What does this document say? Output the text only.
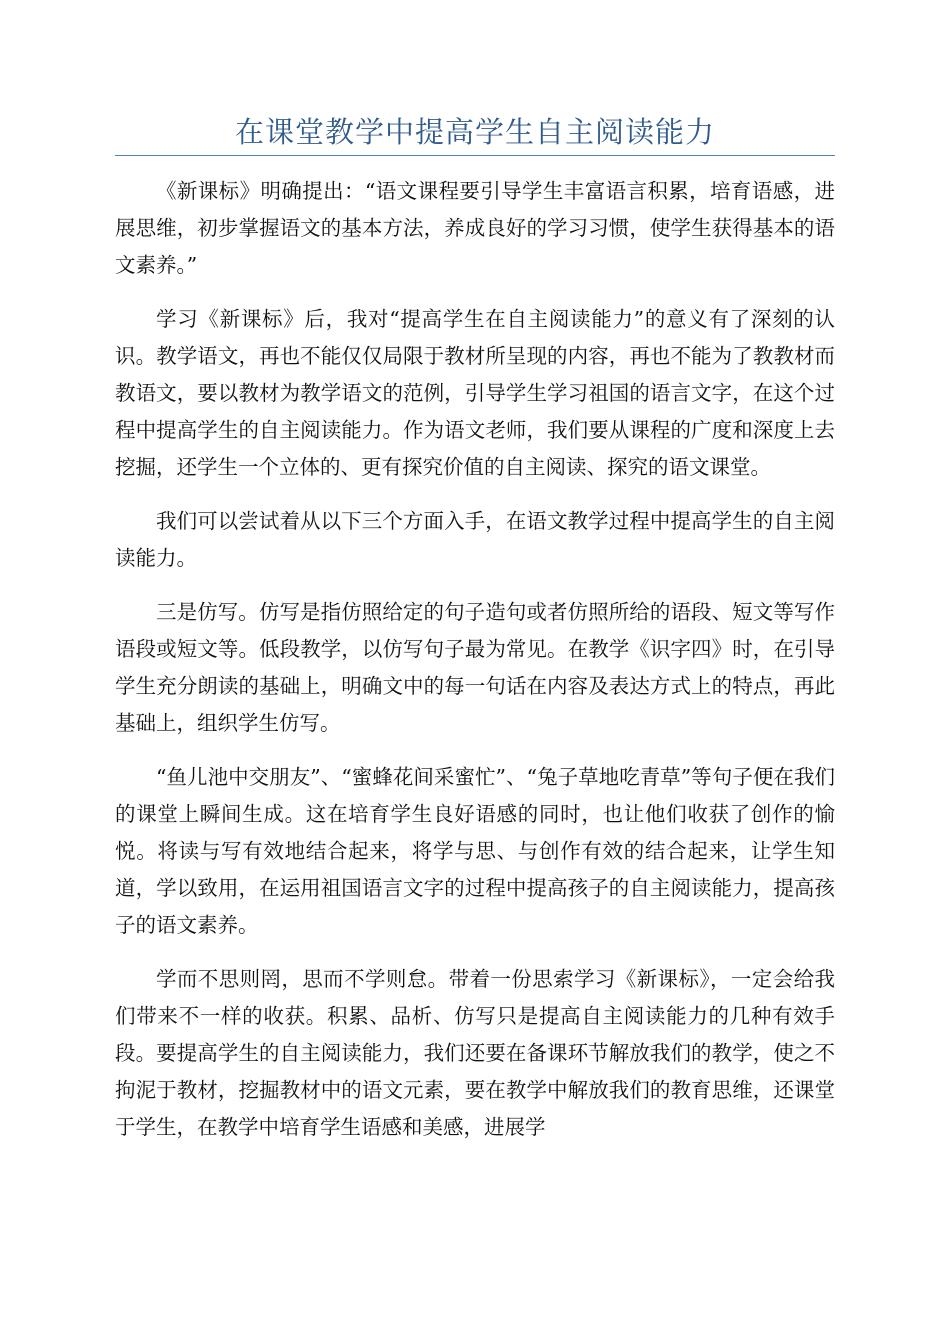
在课堂教学中提高学生自主阅读能力

《新课标》明确提出：“语文课程要引导学生丰富语言积累，培育语感，进展思维，初步掌握语文的基本方法，养成良好的学习习惯，使学生获得基本的语文素养。”

学习《新课标》后，我对“提高学生在自主阅读能力”的意义有了深刻的认识。教学语文，再也不能仅仅局限于教材所呈现的内容，再也不能为了教教材而教语文，要以教材为教学语文的范例，引导学生学习祖国的语言文字，在这个过程中提高学生的自主阅读能力。作为语文老师，我们要从课程的广度和深度上去挖掘，还学生一个立体的、更有探究价值的自主阅读、探究的语文课堂。

我们可以尝试着从以下三个方面入手，在语文教学过程中提高学生的自主阅读能力。

三是仿写。仿写是指仿照给定的句子造句或者仿照所给的语段、短文等写作语段或短文等。低段教学，以仿写句子最为常见。在教学《识字四》时，在引导学生充分朗读的基础上，明确文中的每一句话在内容及表达方式上的特点，再此基础上，组织学生仿写。

“鱼儿池中交朋友”、“蜜蜂花间采蜜忙”、“兔子草地吃青草”等句子便在我们的课堂上瞬间生成。这在培育学生良好语感的同时，也让他们收获了创作的愉悦。将读与写有效地结合起来，将学与思、与创作有效的结合起来，让学生知道，学以致用，在运用祖国语言文字的过程中提高孩子的自主阅读能力，提高孩子的语文素养。

学而不思则罔，思而不学则怠。带着一份思索学习《新课标》，一定会给我们带来不一样的收获。积累、品析、仿写只是提高自主阅读能力的几种有效手段。要提高学生的自主阅读能力，我们还要在备课环节解放我们的教学，使之不拘泥于教材，挖掘教材中的语文元素，要在教学中解放我们的教育思维，还课堂于学生，在教学中培育学生语感和美感，进展学
